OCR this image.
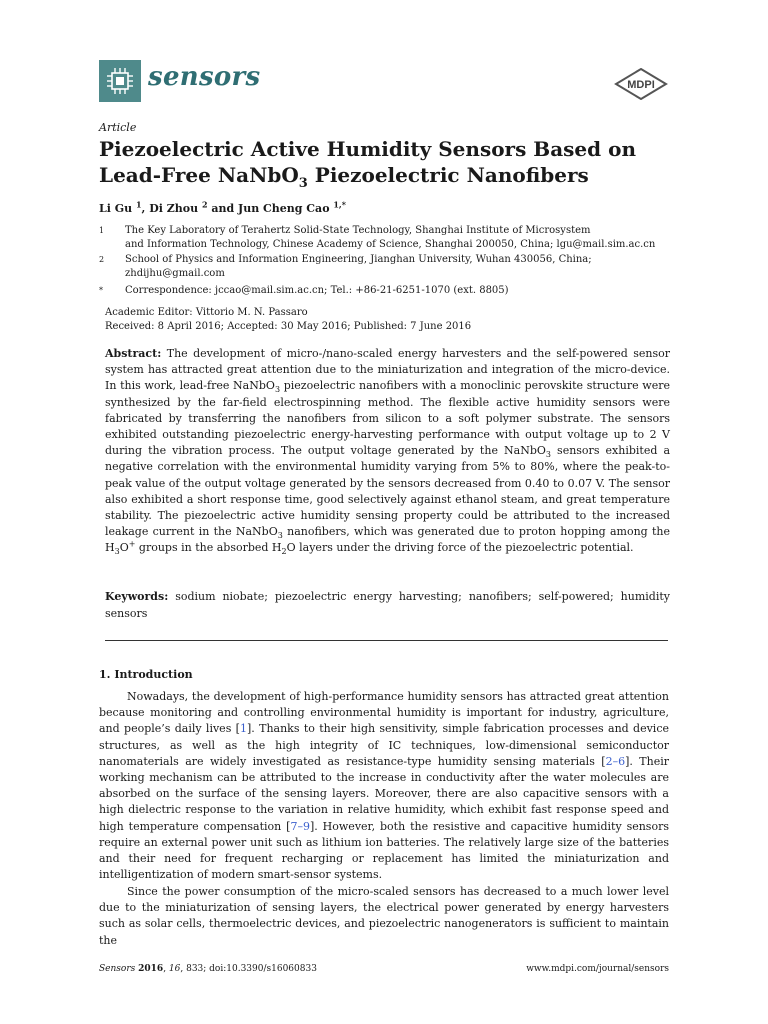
sensors	MDPI
Article
Piezoelectric Active Humidity Sensors Based on
Lead-Free NaNbO$_3$ Piezoelectric Nanofibers
Li Gu $^1$, Di Zhou $^2$ and Jun Cheng Cao $^{1,*}$
1 The Key Laboratory of Terahertz Solid-State Technology, Shanghai Institute of Microsystem
and Information Technology, Chinese Academy of Science, Shanghai 200050, China; lgu@mail.sim.ac.cn
2 School of Physics and Information Engineering, Jianghan University, Wuhan 430056, China;
zhdijhu@gmail.com
* Correspondence: jccao@mail.sim.ac.cn; Tel.: +86-21-6251-1070 (ext. 8805)
Academic Editor: Vittorio M. N. Passaro
Received: 8 April 2016; Accepted: 30 May 2016; Published: 7 June 2016
Abstract: The development of micro-/nano-scaled energy harvesters and the self-powered sensor system has attracted great attention due to the miniaturization and integration of the micro-device. In this work, lead-free NaNbO$_3$ piezoelectric nanofibers with a monoclinic perovskite structure were synthesized by the far-field electrospinning method. The flexible active humidity sensors were fabricated by transferring the nanofibers from silicon to a soft polymer substrate. The sensors exhibited outstanding piezoelectric energy-harvesting performance with output voltage up to 2 V during the vibration process. The output voltage generated by the NaNbO$_3$ sensors exhibited a negative correlation with the environmental humidity varying from 5% to 80%, where the peak-to-peak value of the output voltage generated by the sensors decreased from 0.40 to 0.07 V. The sensor also exhibited a short response time, good selectively against ethanol steam, and great temperature stability. The piezoelectric active humidity sensing property could be attributed to the increased leakage current in the NaNbO$_3$ nanofibers, which was generated due to proton hopping among the $H_3O^+$ groups in the absorbed $H_2O$ layers under the driving force of the piezoelectric potential.
Keywords: sodium niobate; piezoelectric energy harvesting; nanofibers; self-powered; humidity sensors
1. Introduction
Nowadays, the development of high-performance humidity sensors has attracted great attention because monitoring and controlling environmental humidity is important for industry, agriculture, and people’s daily lives [1]. Thanks to their high sensitivity, simple fabrication processes and device structures, as well as the high integrity of IC techniques, low-dimensional semiconductor nanomaterials are widely investigated as resistance-type humidity sensing materials [2–6]. Their working mechanism can be attributed to the increase in conductivity after the water molecules are absorbed on the surface of the sensing layers. Moreover, there are also capacitive sensors with a high dielectric response to the variation in relative humidity, which exhibit fast response speed and high temperature compensation [7–9]. However, both the resistive and capacitive humidity sensors require an external power unit such as lithium ion batteries. The relatively large size of the batteries and their need for frequent recharging or replacement has limited the miniaturization and intelligentization of modern smart-sensor systems.
Since the power consumption of the micro-scaled sensors has decreased to a much lower level due to the miniaturization of sensing layers, the electrical power generated by energy harvesters such as solar cells, thermoelectric devices, and piezoelectric nanogenerators is sufficient to maintain the
Sensors 2016, 16, 833; doi:10.3390/s16060833	www.mdpi.com/journal/sensors
